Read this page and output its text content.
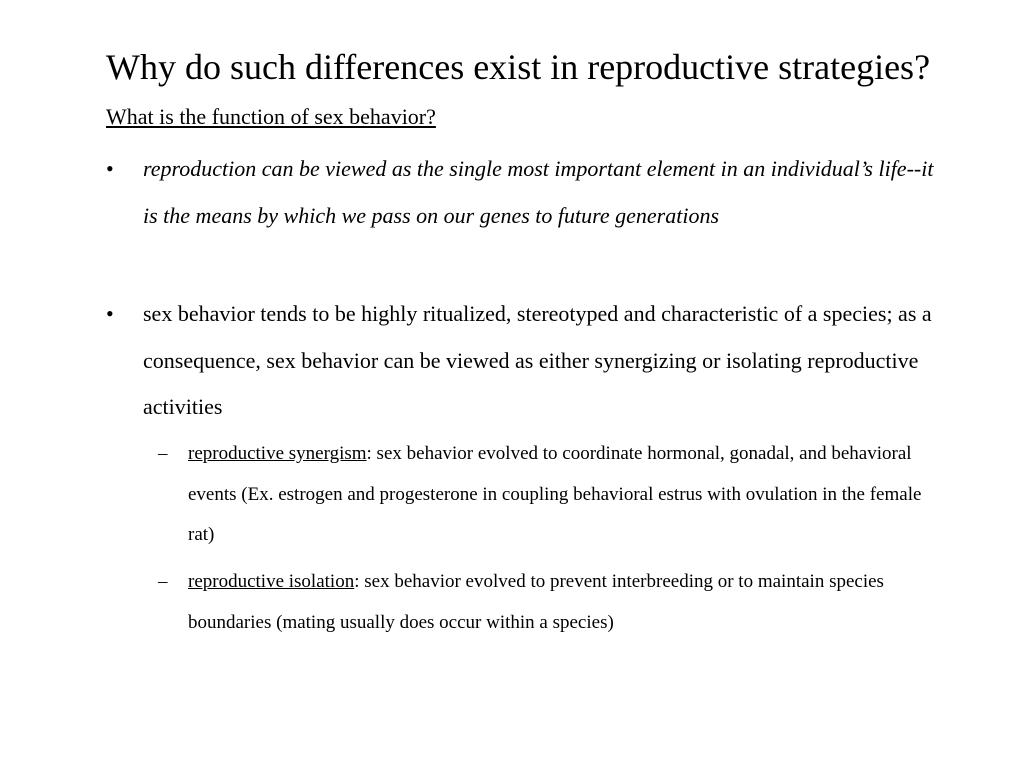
Why do such differences exist in reproductive strategies?
What is the function of sex behavior?
• reproduction can be viewed as the single most important element in an individual’s life--it is the means by which we pass on our genes to future generations
• sex behavior tends to be highly ritualized, stereotyped and characteristic of a species; as a consequence, sex behavior can be viewed as either synergizing or isolating reproductive activities
– reproductive synergism: sex behavior evolved to coordinate hormonal, gonadal, and behavioral events (Ex. estrogen and progesterone in coupling behavioral estrus with ovulation in the female rat)
– reproductive isolation: sex behavior evolved to prevent interbreeding or to maintain species boundaries (mating usually does occur within a species)
